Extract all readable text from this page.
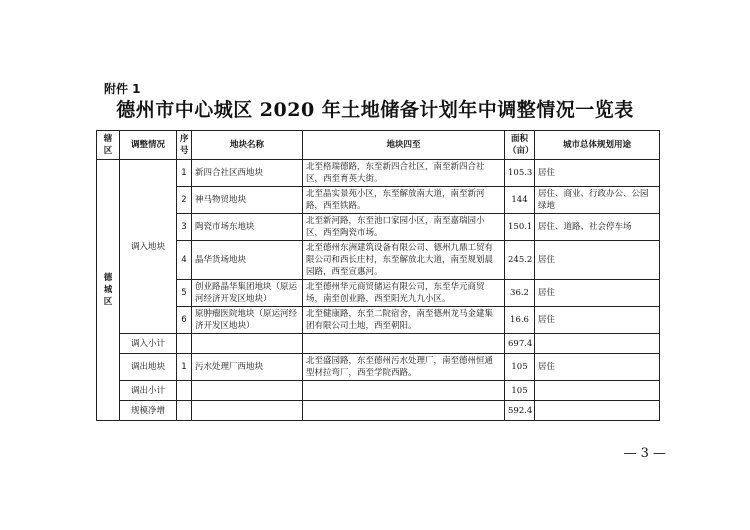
附件 1
德州市中心城区 2020 年土地储备计划年中调整情况一览表
辖区	调整情况	序号	地块名称	地块四至	面积（亩）	城市总体规划用途
德城区	调入地块	1	新四合社区西地块	北至格瑞德路，东至新四合社区，南至新四合社区，西至育英大街。	105.3	居住
		2	神马物贸地块	北至晶实景苑小区，东至解放南大道，南至新河路，西至铁路。	144	居住、商业、行政办公、公园绿地
		3	陶瓷市场东地块	北至新河路，东至池口家园小区，南至嘉瑞园小区，西至陶瓷市场。	150.1	居住、道路、社会停车场
		4	晶华货场地块	北至德州东洲建筑设备有限公司、德州九鼎工贸有限公司和西长庄村，东至解放北大道，南至规划晨园路，西至宣惠河。	245.2	居住
		5	创业路晶华集团地块（原运河经济开发区地块）	北至德州华元商贸储运有限公司，东至华元商贸场，南至创业路，西至阳光九九小区。	36.2	居住
		6	原肿瘤医院地块（原运河经济开发区地块）	北至健康路，东至二院宿舍，南至德州龙马金建集团有限公司土地，西至朝阳。	16.6	居住
	调入小计				697.4	
	调出地块	1	污水处理厂西地块	北至盛园路，东至德州污水处理厂，南至德州恒通型材拉弯厂，西至学院西路。	105	居住
	调出小计				105	
	规模净增				592.4	
— 3 —
